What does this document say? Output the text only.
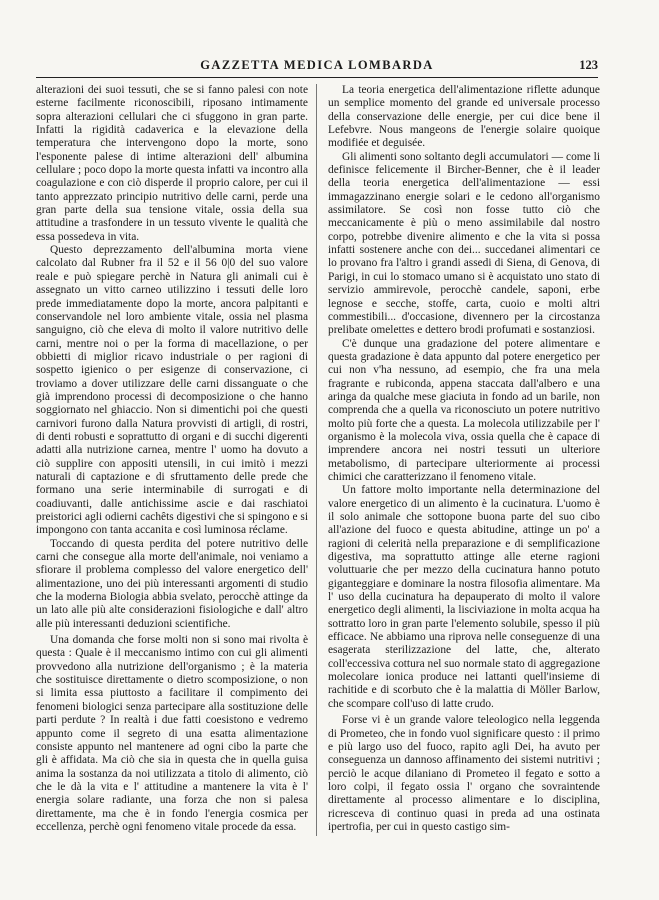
GAZZETTA MEDICA LOMBARDA	123

alterazioni dei suoi tessuti, che se si fanno palesi con note esterne facilmente riconoscibili, riposano intimamente sopra alterazioni cellulari che ci sfuggono in gran parte. Infatti la rigidità cadaverica e la elevazione della temperatura che intervengono dopo la morte, sono l'esponente palese di intime alterazioni dell' albumina cellulare ; poco dopo la morte questa infatti va incontro alla coagulazione e con ciò disperde il proprio calore, per cui il tanto apprezzato principio nutritivo delle carni, perde una gran parte della sua tensione vitale, ossia della sua attitudine a trasfondere in un tessuto vivente le qualità che essa possedeva in vita.

Questo deprezzamento dell'albumina morta viene calcolato dal Rubner fra il 52 e il 56 0|0 del suo valore reale e può spiegare perchè in Natura gli animali cui è assegnato un vitto carneo utilizzino i tessuti delle loro prede immediatamente dopo la morte, ancora palpitanti e conservandole nel loro ambiente vitale, ossia nel plasma sanguigno, ciò che eleva di molto il valore nutritivo delle carni, mentre noi o per la forma di macellazione, o per obbietti di miglior ricavo industriale o per ragioni di sospetto igienico o per esigenze di conservazione, ci troviamo a dover utilizzare delle carni dissanguate o che già imprendono processi di decomposizione o che hanno soggiornato nel ghiaccio. Non si dimentichi poi che questi carnivori furono dalla Natura provvisti di artigli, di rostri, di denti robusti e soprattutto di organi e di succhi digerenti adatti alla nutrizione carnea, mentre l' uomo ha dovuto a ciò supplire con appositi utensili, in cui imitò i mezzi naturali di captazione e di sfruttamento delle prede che formano una serie interminabile di surrogati e di coadiuvanti, dalle antichissime ascie e dai raschiatoi preistorici agli odierni cachêts digestivi che si spingono e si impongono con tanta accanita e così luminosa réclame.

Toccando di questa perdita del potere nutritivo delle carni che consegue alla morte dell'animale, noi veniamo a sfiorare il problema complesso del valore energetico dell' alimentazione, uno dei più interessanti argomenti di studio che la moderna Biologia abbia svelato, perocchè attinge da un lato alle più alte considerazioni fisiologiche e dall' altro alle più interessanti deduzioni scientifiche.

Una domanda che forse molti non si sono mai rivolta è questa : Quale è il meccanismo intimo con cui gli alimenti provvedono alla nutrizione dell'organismo ; è la materia che sostituisce direttamente o dietro scomposizione, o non si limita essa piuttosto a facilitare il compimento dei fenomeni biologici senza partecipare alla sostituzione delle parti perdute ? In realtà i due fatti coesistono e vedremo appunto come il segreto di una esatta alimentazione consiste appunto nel mantenere ad ogni cibo la parte che gli è affidata. Ma ciò che sia in questa che in quella guisa anima la sostanza da noi utilizzata a titolo di alimento, ciò che le dà la vita e l' attitudine a mantenere la vita è l' energia solare radiante, una forza che non si palesa direttamente, ma che è in fondo l'energia cosmica per eccellenza, perchè ogni fenomeno vitale procede da essa.

La teoria energetica dell'alimentazione riflette adunque un semplice momento del grande ed universale processo della conservazione delle energie, per cui dice bene il Lefebvre. Nous mangeons de l'energie solaire quoique modifiée et deguisée.

Gli alimenti sono soltanto degli accumulatori — come li definisce felicemente il Bircher-Benner, che è il leader della teoria energetica dell'alimentazione — essi immagazzinano energie solari e le cedono all'organismo assimilatore. Se così non fosse tutto ciò che meccanicamente è più o meno assimilabile dal nostro corpo, potrebbe divenire alimento e che la vita si possa infatti sostenere anche con dei... succedanei alimentari ce lo provano fra l'altro i grandi assedi di Siena, di Genova, di Parigi, in cui lo stomaco umano si è acquistato uno stato di servizio ammirevole, perocchè candele, saponi, erbe legnose e secche, stoffe, carta, cuoio e molti altri commestibili... d'occasione, divennero per la circostanza prelibate omelettes e dettero brodi profumati e sostanziosi.

C'è dunque una gradazione del potere alimentare e questa gradazione è data appunto dal potere energetico per cui non v'ha nessuno, ad esempio, che fra una mela fragrante e rubiconda, appena staccata dall'albero e una aringa da qualche mese giaciuta in fondo ad un barile, non comprenda che a quella va riconosciuto un potere nutritivo molto più forte che a questa. La molecola utilizzabile per l' organismo è la molecola viva, ossia quella che è capace di imprendere ancora nei nostri tessuti un ulteriore metabolismo, di partecipare ulteriormente ai processi chimici che caratterizzano il fenomeno vitale.

Un fattore molto importante nella determinazione del valore energetico di un alimento è la cucinatura. L'uomo è il solo animale che sottopone buona parte del suo cibo all'azione del fuoco e questa abitudine, attinge un po' a ragioni di celerità nella preparazione e di semplificazione digestiva, ma soprattutto attinge alle eterne ragioni voluttuarie che per mezzo della cucinatura hanno potuto giganteggiare e dominare la nostra filosofia alimentare. Ma l' uso della cucinatura ha depauperato di molto il valore energetico degli alimenti, la lisciviazione in molta acqua ha sottratto loro in gran parte l'elemento solubile, spesso il più efficace. Ne abbiamo una riprova nelle conseguenze di una esagerata sterilizzazione del latte, che, alterato coll'eccessiva cottura nel suo normale stato di aggregazione molecolare ionica produce nei lattanti quell'insieme di rachitide e di scorbuto che è la malattia di Möller Barlow, che scompare coll'uso di latte crudo.

Forse vi è un grande valore teleologico nella leggenda di Prometeo, che in fondo vuol significare questo : il primo e più largo uso del fuoco, rapito agli Dei, ha avuto per conseguenza un dannoso affinamento dei sistemi nutritivi ; perciò le acque dilaniano di Prometeo il fegato e sotto a loro colpi, il fegato ossia l' organo che sovraintende direttamente al processo alimentare e lo disciplina, ricresceva di continuo quasi in preda ad una ostinata ipertrofia, per cui in questo castigo sim-
